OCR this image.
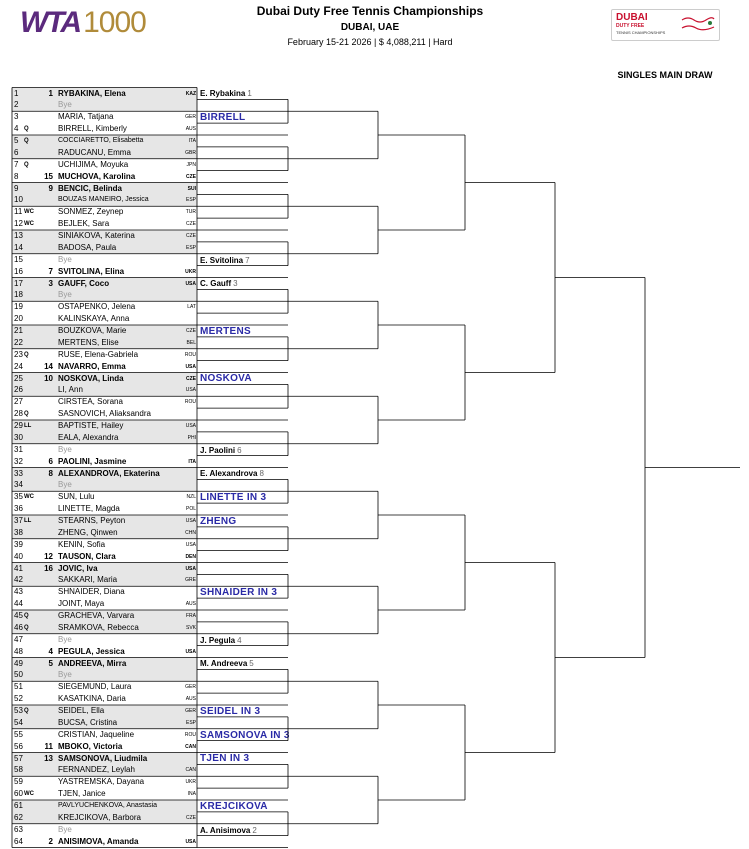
WTA 1000	Dubai Duty Free Tennis Championships
DUBAI, UAE
February 15-21 2026 | $ 4,088,211 | Hard
DUBAI
DUTY FREE
TENNIS CHAMPIONSHIPS
SINGLES MAIN DRAW
1	1 RYBAKINA, Elena	KAZ
2	Bye
3	MARIA, Tatjana	GER
4 Q	BIRRELL, Kimberly	AUS
5 Q	COCCIARETTO, Elisabetta	ITA
6	RADUCANU, Emma	GBR
7 Q	UCHIJIMA, Moyuka	JPN
8	15 MUCHOVA, Karolina	CZE
9	9 BENCIC, Belinda	SUI
10	BOUZAS MANEIRO, Jessica	ESP
11 WC	SONMEZ, Zeynep	TUR
12 WC	BEJLEK, Sara	CZE
13	SINIAKOVA, Katerina	CZE
14	BADOSA, Paula	ESP
15	Bye
16	7 SVITOLINA, Elina	UKR
17	3 GAUFF, Coco	USA
18	Bye
19	OSTAPENKO, Jelena	LAT
20	KALINSKAYA, Anna
21	BOUZKOVA, Marie	CZE
22	MERTENS, Elise	BEL
23 Q	RUSE, Elena-Gabriela	ROU
24	14 NAVARRO, Emma	USA
25	10 NOSKOVA, Linda	CZE
26	LI, Ann	USA
27	CIRSTEA, Sorana	ROU
28 Q	SASNOVICH, Aliaksandra
29 LL	BAPTISTE, Hailey	USA
30	EALA, Alexandra	PHI
31	Bye
32	6 PAOLINI, Jasmine	ITA
33	8 ALEXANDROVA, Ekaterina
34	Bye
35 WC	SUN, Lulu	NZL
36	LINETTE, Magda	POL
37 LL	STEARNS, Peyton	USA
38	ZHENG, Qinwen	CHN
39	KENIN, Sofia	USA
40	12 TAUSON, Clara	DEN
41	16 JOVIC, Iva	USA
42	SAKKARI, Maria	GRE
43	SHNAIDER, Diana
44	JOINT, Maya	AUS
45 Q	GRACHEVA, Varvara	FRA
46 Q	SRAMKOVA, Rebecca	SVK
47	Bye
48	4 PEGULA, Jessica	USA
49	5 ANDREEVA, Mirra
50	Bye
51	SIEGEMUND, Laura	GER
52	KASATKINA, Daria	AUS
53 Q	SEIDEL, Ella	GER
54	BUCSA, Cristina	ESP
55	CRISTIAN, Jaqueline	ROU
56	11 MBOKO, Victoria	CAN
57	13 SAMSONOVA, Liudmila
58	FERNANDEZ, Leylah	CAN
59	YASTREMSKA, Dayana	UKR
60 WC	TJEN, Janice	INA
61	PAVLYUCHENKOVA, Anastasia
62	KREJCIKOVA, Barbora	CZE
63	Bye
64	2 ANISIMOVA, Amanda	USA
E. Rybakina 1
BIRRELL
E. Svitolina 7
C. Gauff 3
MERTENS
NOSKOVA
J. Paolini 6
E. Alexandrova 8
LINETTE IN 3
ZHENG
SHNAIDER IN 3
J. Pegula 4
M. Andreeva 5
SEIDEL IN 3
SAMSONOVA IN 3
TJEN IN 3
KREJCIKOVA
A. Anisimova 2
